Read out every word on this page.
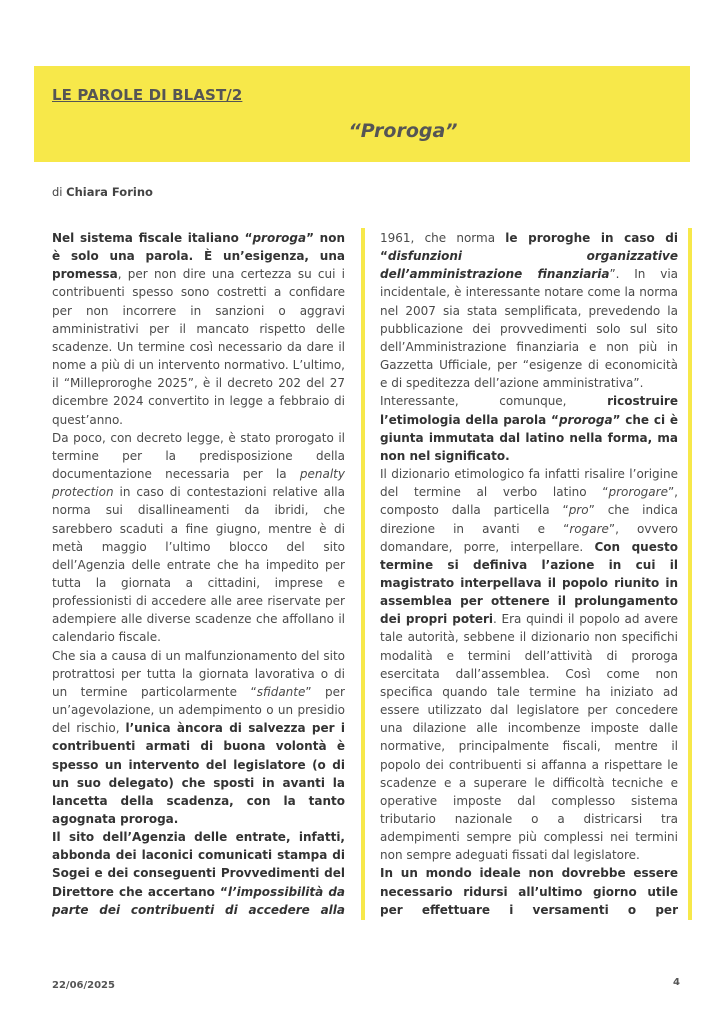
LE PAROLE DI BLAST/2
“Proroga”
di Chiara Forino

Nel sistema fiscale italiano “proroga” non è solo una parola. È un’esigenza, una promessa, per non dire una certezza su cui i contribuenti spesso sono costretti a confidare per non incorrere in sanzioni o aggravi amministrativi per il mancato rispetto delle scadenze. Un termine così necessario da dare il nome a più di un intervento normativo. L’ultimo, il “Milleproroghe 2025”, è il decreto 202 del 27 dicembre 2024 convertito in legge a febbraio di quest’anno.

Da poco, con decreto legge, è stato prorogato il termine per la predisposizione della documentazione necessaria per la penalty protection in caso di contestazioni relative alla norma sui disallineamenti da ibridi, che sarebbero scaduti a fine giugno, mentre è di metà maggio l’ultimo blocco del sito dell’Agenzia delle entrate che ha impedito per tutta la giornata a cittadini, imprese e professionisti di accedere alle aree riservate per adempiere alle diverse scadenze che affollano il calendario fiscale.

Che sia a causa di un malfunzionamento del sito protrattosi per tutta la giornata lavorativa o di un termine particolarmente “sfidante” per un’agevolazione, un adempimento o un presidio del rischio, l’unica àncora di salvezza per i contribuenti armati di buona volontà è spesso un intervento del legislatore (o di un suo delegato) che sposti in avanti la lancetta della scadenza, con la tanto agognata proroga.

Il sito dell’Agenzia delle entrate, infatti, abbonda dei laconici comunicati stampa di Sogei e dei conseguenti Provvedimenti del Direttore che accertano “l’impossibilità da parte dei contribuenti di accedere alla

1961, che norma le proroghe in caso di “disfunzioni organizzative dell’amministrazione finanziaria”. In via incidentale, è interessante notare come la norma nel 2007 sia stata semplificata, prevedendo la pubblicazione dei provvedimenti solo sul sito dell’Amministrazione finanziaria e non più in Gazzetta Ufficiale, per “esigenze di economicità e di speditezza dell’azione amministrativa”.

Interessante, comunque, ricostruire l’etimologia della parola “proroga” che ci è giunta immutata dal latino nella forma, ma non nel significato.

Il dizionario etimologico fa infatti risalire l’origine del termine al verbo latino “prorogare”, composto dalla particella “pro” che indica direzione in avanti e “rogare”, ovvero domandare, porre, interpellare. Con questo termine si definiva l’azione in cui il magistrato interpellava il popolo riunito in assemblea per ottenere il prolungamento dei propri poteri. Era quindi il popolo ad avere tale autorità, sebbene il dizionario non specifichi modalità e termini dell’attività di proroga esercitata dall’assemblea. Così come non specifica quando tale termine ha iniziato ad essere utilizzato dal legislatore per concedere una dilazione alle incombenze imposte dalle normative, principalmente fiscali, mentre il popolo dei contribuenti si affanna a rispettare le scadenze e a superare le difficoltà tecniche e operative imposte dal complesso sistema tributario nazionale o a districarsi tra adempimenti sempre più complessi nei termini non sempre adeguati fissati dal legislatore.

In un mondo ideale non dovrebbe essere necessario ridursi all’ultimo giorno utile per effettuare i versamenti o per

22/06/2025	4
